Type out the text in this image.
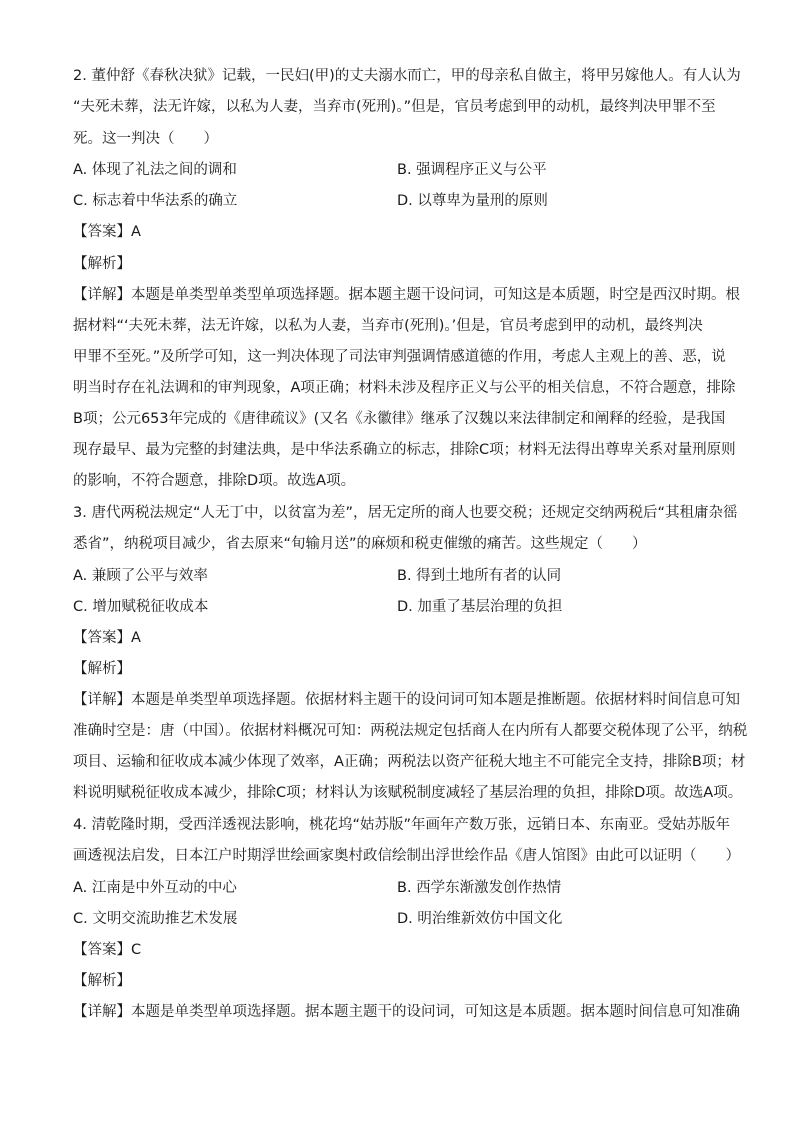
2. 董仲舒《春秋决狱》记载，一民妇(甲)的丈夫溺水而亡，甲的母亲私自做主，将甲另嫁他人。有人认为
“夫死未葬，法无许嫁，以私为人妻，当弃市(死刑)。”但是，官员考虑到甲的动机，最终判决甲罪不至
死。这一判决（　　）
A. 体现了礼法之间的调和	B. 强调程序正义与公平
C. 标志着中华法系的确立	D. 以尊卑为量刑的原则
【答案】A
【解析】
【详解】本题是单类型单类型单项选择题。据本题主题干设问词，可知这是本质题，时空是西汉时期。根
据材料“‘夫死未葬，法无许嫁，以私为人妻，当弃市(死刑)。’但是，官员考虑到甲的动机，最终判决
甲罪不至死。”及所学可知，这一判决体现了司法审判强调情感道德的作用，考虑人主观上的善、恶，说
明当时存在礼法调和的审判现象，A项正确；材料未涉及程序正义与公平的相关信息，不符合题意，排除
B项；公元653年完成的《唐律疏议》(又名《永徽律》继承了汉魏以来法律制定和阐释的经验，是我国
现存最早、最为完整的封建法典，是中华法系确立的标志，排除C项；材料无法得出尊卑关系对量刑原则
的影响，不符合题意，排除D项。故选A项。
3. 唐代两税法规定“人无丁中，以贫富为差”，居无定所的商人也要交税；还规定交纳两税后“其租庸杂徭
悉省”，纳税项目减少，省去原来“旬输月送”的麻烦和税吏催缴的痛苦。这些规定（　　）
A. 兼顾了公平与效率	B. 得到土地所有者的认同
C. 增加赋税征收成本	D. 加重了基层治理的负担
【答案】A
【解析】
【详解】本题是单类型单项选择题。依据材料主题干的设问词可知本题是推断题。依据材料时间信息可知
准确时空是：唐（中国）。依据材料概况可知：两税法规定包括商人在内所有人都要交税体现了公平，纳税
项目、运输和征收成本减少体现了效率，A正确；两税法以资产征税大地主不可能完全支持，排除B项；材
料说明赋税征收成本减少，排除C项；材料认为该赋税制度减轻了基层治理的负担，排除D项。故选A项。
4. 清乾隆时期，受西洋透视法影响，桃花坞“姑苏版”年画年产数万张，远销日本、东南亚。受姑苏版年
画透视法启发，日本江户时期浮世绘画家奥村政信绘制出浮世绘作品《唐人馆图》由此可以证明（　　）
A. 江南是中外互动的中心	B. 西学东渐激发创作热情
C. 文明交流助推艺术发展	D. 明治维新效仿中国文化
【答案】C
【解析】
【详解】本题是单类型单项选择题。据本题主题干的设问词，可知这是本质题。据本题时间信息可知准确
